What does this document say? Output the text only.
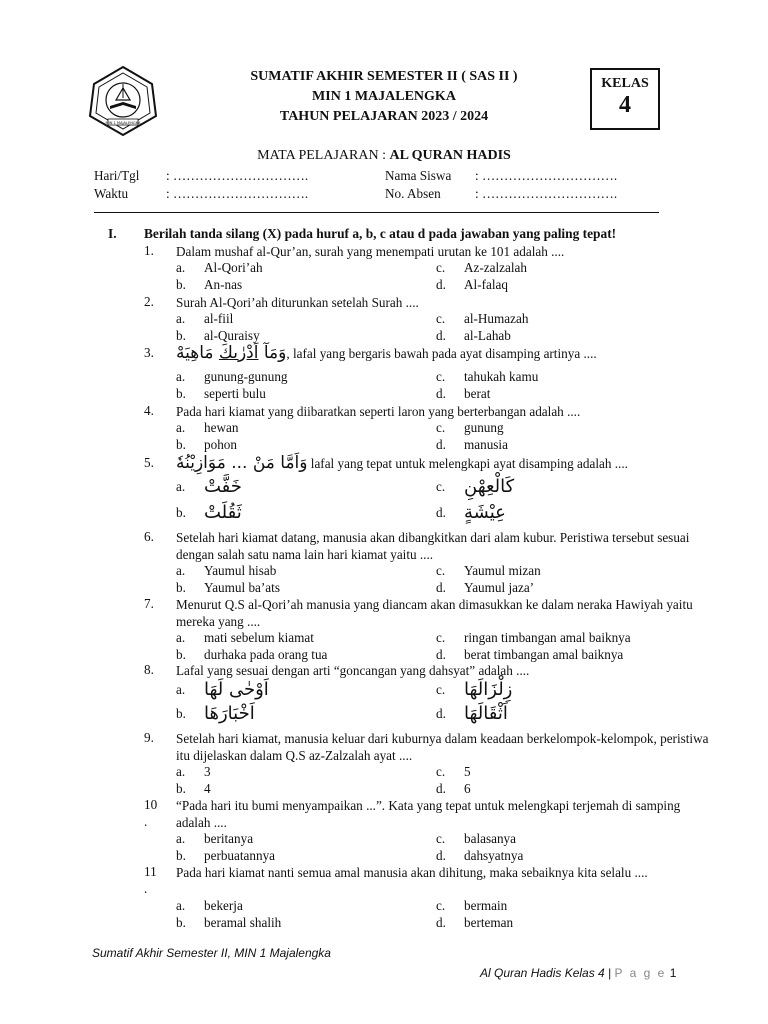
MIN 1 MAJALENGKA
SUMATIF AKHIR SEMESTER II ( SAS II )
MIN 1 MAJALENGKA
TAHUN PELAJARAN 2023 / 2024
KELAS
4
MATA PELAJARAN : AL QURAN HADIS
Hari/Tgl : ………………………….
Waktu	: ………………………….
Nama Siswa : ………………………….
No. Absen	: ………………………….
I. Berilah tanda silang (X) pada huruf a, b, c atau d pada jawaban yang paling tepat!
1. Dalam mushaf al-Qur’an, surah yang menempati urutan ke 101 adalah ....
a. Al-Qori’ah
b. An-nas
c. Az-zalzalah
d. Al-falaq
2. Surah Al-Qori’ah diturunkan setelah Surah ....
a. al-fiil
b. al-Quraisy
c. al-Humazah
d. al-Lahab
3.	وَمَآ اَدْرٰىكَ مَاهِيَهْ	, lafal yang bergaris bawah pada ayat disamping artinya ....
a. gunung-gunung
b. seperti bulu
c. tahukah kamu
d. berat
4. Pada hari kiamat yang diibaratkan seperti laron yang berterbangan adalah ....
a. hewan
b. pohon
c. gunung
d. manusia
5. وَاَمَّا مَنْ ... مَوَازِيْنُهٗ lafal yang tepat untuk melengkapi ayat disamping adalah ....
a. خَفَّتْ
b. ثَقُلَتْ
c. كَالْعِهْنِ
d. عِيْشَةٍ
6. Setelah hari kiamat datang, manusia akan dibangkitkan dari alam kubur. Peristiwa tersebut sesuai dengan salah satu nama lain hari kiamat yaitu ....
a. Yaumul hisab
b. Yaumul ba’ats
c. Yaumul mizan
d. Yaumul jaza’
7. Menurut Q.S al-Qori’ah manusia yang diancam akan dimasukkan ke dalam neraka Hawiyah yaitu mereka yang ....
a. mati sebelum kiamat
b. durhaka pada orang tua
c. ringan timbangan amal baiknya
d. berat timbangan amal baiknya
8. Lafal yang sesuai dengan arti “goncangan yang dahsyat” adalah ....
a. اَوْحٰى لَهَا
b. اَخْبَارَهَا
c. زِلْزَالَهَا
d. اَثْقَالَهَا
9. Setelah hari kiamat, manusia keluar dari kuburnya dalam keadaan berkelompok-kelompok, peristiwa itu dijelaskan dalam Q.S az-Zalzalah ayat ....
a. 3
b. 4
c. 5
d. 6
10
.
“Pada hari itu bumi menyampaikan ...”. Kata yang tepat untuk melengkapi terjemah di samping adalah ....
a. beritanya
b. perbuatannya
c. balasanya
d. dahsyatnya
11
.
Pada hari kiamat nanti semua amal manusia akan dihitung, maka sebaiknya kita selalu ....
a. bekerja
b. beramal shalih
c. bermain
d. berteman
Sumatif Akhir Semester II, MIN 1 Majalengka
Al Quran Hadis Kelas 4 | P a g e 1
